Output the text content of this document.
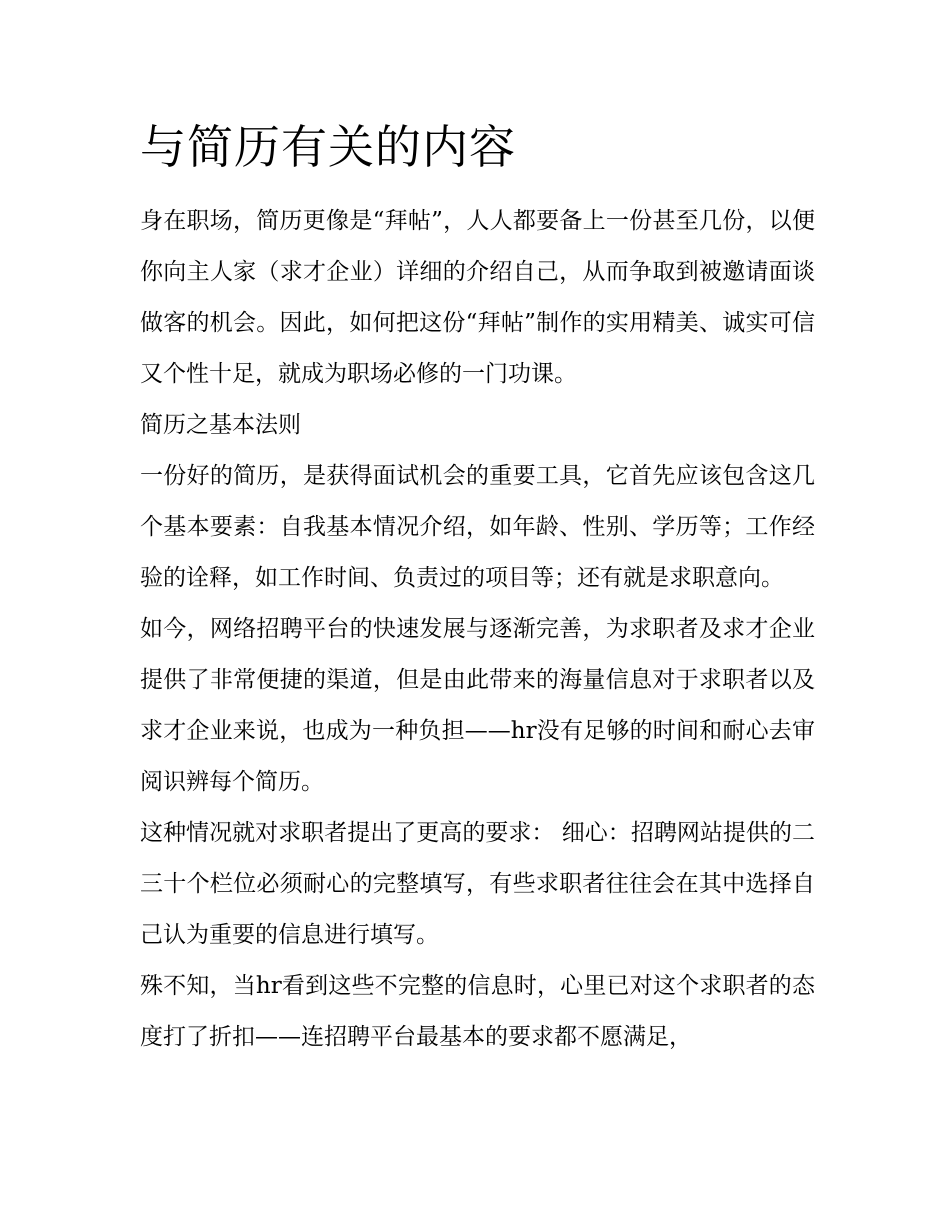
与简历有关的内容

身在职场，简历更像是“拜帖”，人人都要备上一份甚至几份，以便你向主人家（求才企业）详细的介绍自己，从而争取到被邀请面谈做客的机会。因此，如何把这份“拜帖”制作的实用精美、诚实可信又个性十足，就成为职场必修的一门功课。

简历之基本法则

一份好的简历，是获得面试机会的重要工具，它首先应该包含这几个基本要素：自我基本情况介绍，如年龄、性别、学历等；工作经验的诠释，如工作时间、负责过的项目等；还有就是求职意向。

如今，网络招聘平台的快速发展与逐渐完善，为求职者及求才企业提供了非常便捷的渠道，但是由此带来的海量信息对于求职者以及求才企业来说，也成为一种负担——hr没有足够的时间和耐心去审阅识辨每个简历。

这种情况就对求职者提出了更高的要求： 细心：招聘网站提供的二三十个栏位必须耐心的完整填写，有些求职者往往会在其中选择自己认为重要的信息进行填写。

殊不知，当hr看到这些不完整的信息时，心里已对这个求职者的态度打了折扣——连招聘平台最基本的要求都不愿满足，
